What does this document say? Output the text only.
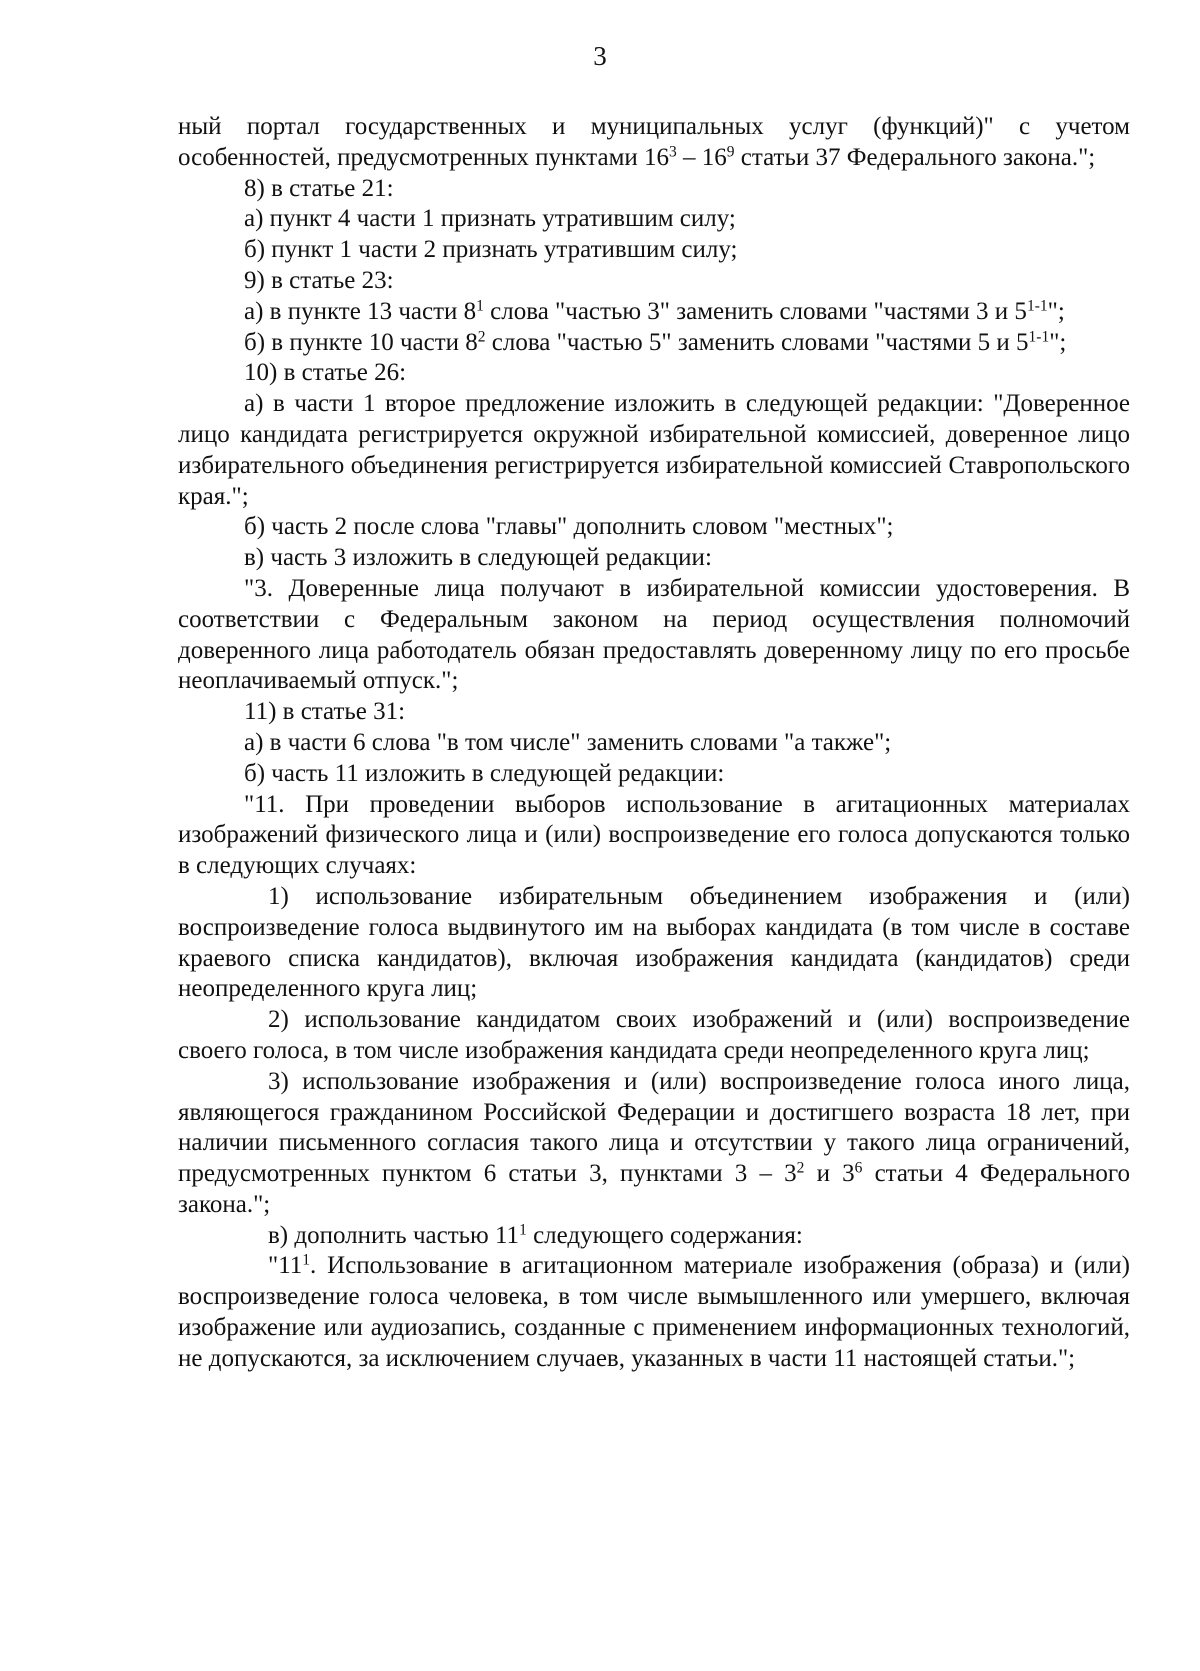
3

ный портал государственных и муниципальных услуг (функций)" с учетом особенностей, предусмотренных пунктами $16^3 - 16^9$ статьи 37 Федерального закона.";

8) в статье 21:

а) пункт 4 части 1 признать утратившим силу;

б) пункт 1 части 2 признать утратившим силу;

9) в статье 23:

а) в пункте 13 части $8^1$ слова "частью 3" заменить словами "частями 3 и 5$^{1-1}$";

б) в пункте 10 части $8^2$ слова "частью 5" заменить словами "частями 5 и 5$^{1-1}$";

10) в статье 26:

а) в части 1 второе предложение изложить в следующей редакции: "Доверенное лицо кандидата регистрируется окружной избирательной комиссией, доверенное лицо избирательного объединения регистрируется избирательной комиссией Ставропольского края.";

б) часть 2 после слова "главы" дополнить словом "местных";

в) часть 3 изложить в следующей редакции:

"3. Доверенные лица получают в избирательной комиссии удостоверения. В соответствии с Федеральным законом на период осуществления полномочий доверенного лица работодатель обязан предоставлять доверенному лицу по его просьбе неоплачиваемый отпуск.";

11) в статье 31:

а) в части 6 слова "в том числе" заменить словами "а также";

б) часть 11 изложить в следующей редакции:

"11. При проведении выборов использование в агитационных материалах изображений физического лица и (или) воспроизведение его голоса допускаются только в следующих случаях:

1) использование избирательным объединением изображения и (или) воспроизведение голоса выдвинутого им на выборах кандидата (в том числе в составе краевого списка кандидатов), включая изображения кандидата (кандидатов) среди неопределенного круга лиц;

2) использование кандидатом своих изображений и (или) воспроизведение своего голоса, в том числе изображения кандидата среди неопределенного круга лиц;

3) использование изображения и (или) воспроизведение голоса иного лица, являющегося гражданином Российской Федерации и достигшего возраста 18 лет, при наличии письменного согласия такого лица и отсутствии у такого лица ограничений, предусмотренных пунктом 6 статьи 3, пунктами $3 - 3^2$ и $3^6$ статьи 4 Федерального закона.";

в) дополнить частью $11^1$ следующего содержания:

"$11^1$. Использование в агитационном материале изображения (образа) и (или) воспроизведение голоса человека, в том числе вымышленного или умершего, включая изображение или аудиозапись, созданные с применением информационных технологий, не допускаются, за исключением случаев, указанных в части 11 настоящей статьи.";
